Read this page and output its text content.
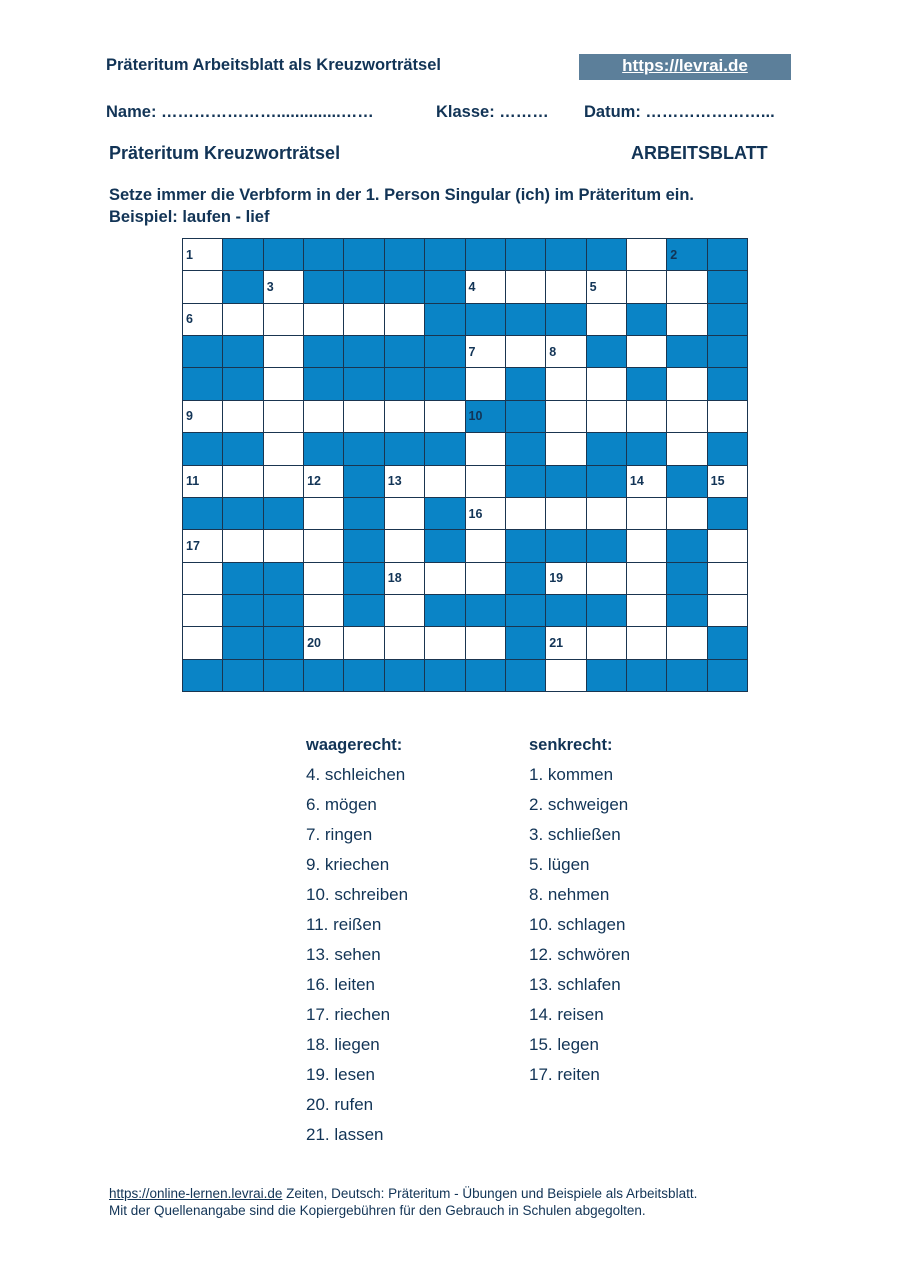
Präteritum Arbeitsblatt als Kreuzworträtsel	https://levrai.de
Name: …………………..............……	Klasse: ……… Datum: …………………...
Präteritum Kreuzworträtsel	ARBEITSBLATT
Setze immer die Verbform in der 1. Person Singular (ich) im Präteritum ein.
Beispiel: laufen - lief
1	2
3	4	5
6
7	8
9	10
11	12	13	14	15
16
17
18	19
20	21
waagerecht:	senkrecht:
4. schleichen
6. mögen
7. ringen
9. kriechen
10. schreiben
11. reißen
13. sehen
16. leiten
17. riechen
18. liegen
19. lesen
20. rufen
21. lassen
1. kommen
2. schweigen
3. schließen
5. lügen
8. nehmen
10. schlagen
12. schwören
13. schlafen
14. reisen
15. legen
17. reiten
https://online-lernen.levrai.de Zeiten, Deutsch: Präteritum - Übungen und Beispiele als Arbeitsblatt.
Mit der Quellenangabe sind die Kopiergebühren für den Gebrauch in Schulen abgegolten.
